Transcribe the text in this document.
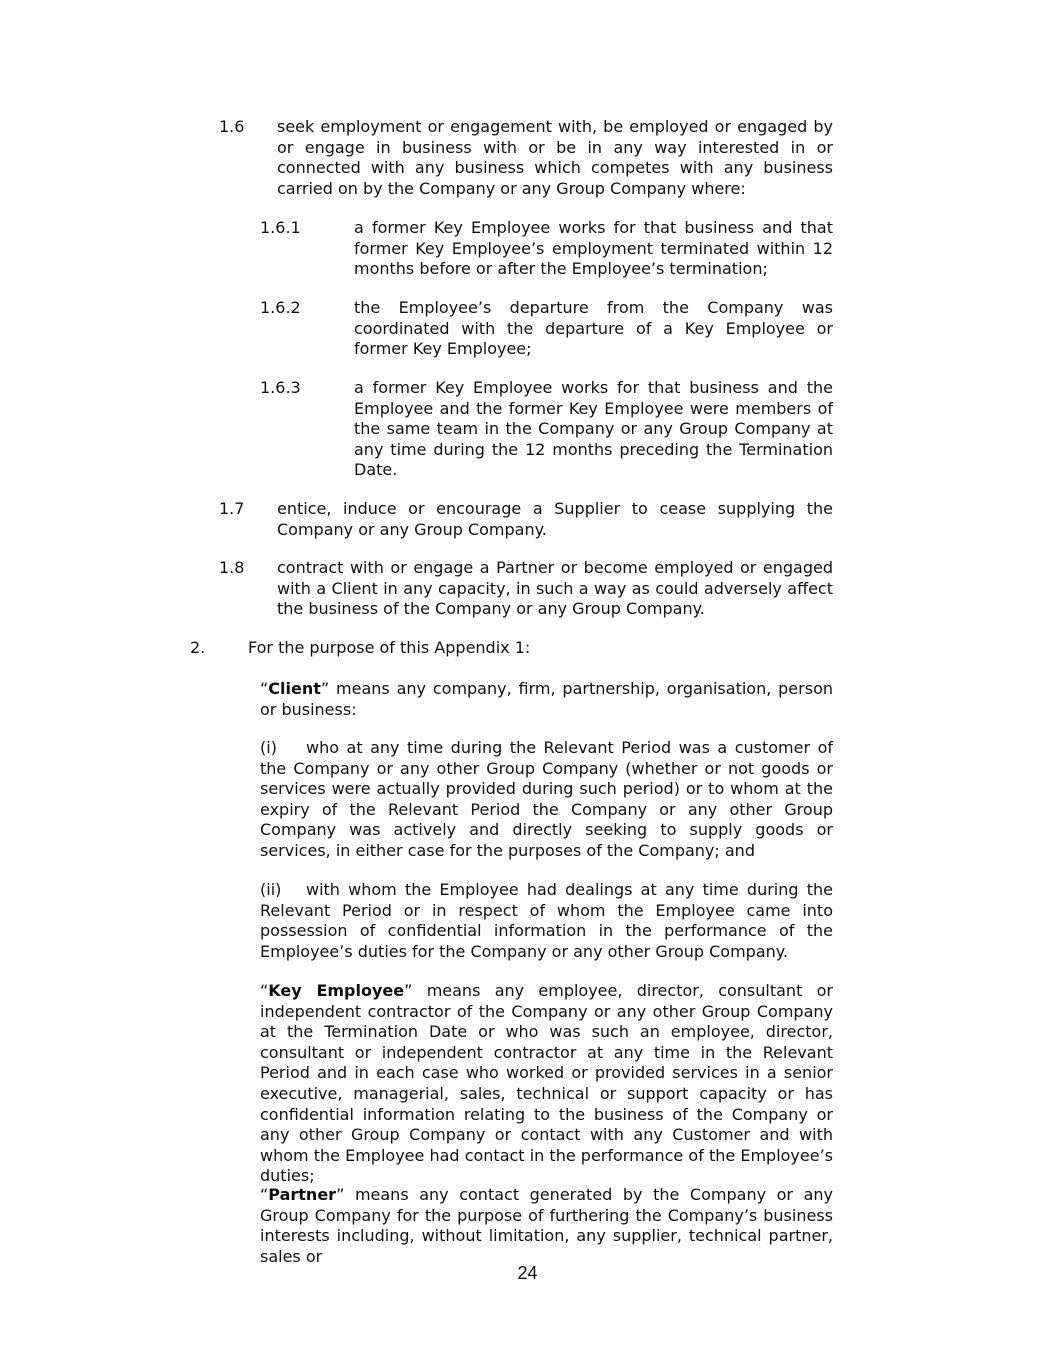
1.6 seek employment or engagement with, be employed or engaged by or engage in business with or be in any way interested in or connected with any business which competes with any business carried on by the Company or any Group Company where:

1.6.1	a former Key Employee works for that business and that former Key Employee’s employment terminated within 12 months before or after the Employee’s termination;

1.6.2	the Employee’s departure from the Company was coordinated with the departure of a Key Employee or former Key Employee;

1.6.3	a former Key Employee works for that business and the Employee and the former Key Employee were members of the same team in the Company or any Group Company at any time during the 12 months preceding the Termination Date.

1.7 entice, induce or encourage a Supplier to cease supplying the Company or any Group Company.

1.8 contract with or engage a Partner or become employed or engaged with a Client in any capacity, in such a way as could adversely affect the business of the Company or any Group Company.

2.	For the purpose of this Appendix 1:

“Client” means any company, firm, partnership, organisation, person or business:

(i) who at any time during the Relevant Period was a customer of the Company or any other Group Company (whether or not goods or services were actually provided during such period) or to whom at the expiry of the Relevant Period the Company or any other Group Company was actively and directly seeking to supply goods or services, in either case for the purposes of the Company; and

(ii) with whom the Employee had dealings at any time during the Relevant Period or in respect of whom the Employee came into possession of confidential information in the performance of the Employee’s duties for the Company or any other Group Company.

“Key Employee” means any employee, director, consultant or independent contractor of the Company or any other Group Company at the Termination Date or who was such an employee, director, consultant or independent contractor at any time in the Relevant Period and in each case who worked or provided services in a senior executive, managerial, sales, technical or support capacity or has confidential information relating to the business of the Company or any other Group Company or contact with any Customer and with whom the Employee had contact in the performance of the Employee’s duties;

“Partner” means any contact generated by the Company or any Group Company for the purpose of furthering the Company’s business interests including, without limitation, any supplier, technical partner, sales or

24
